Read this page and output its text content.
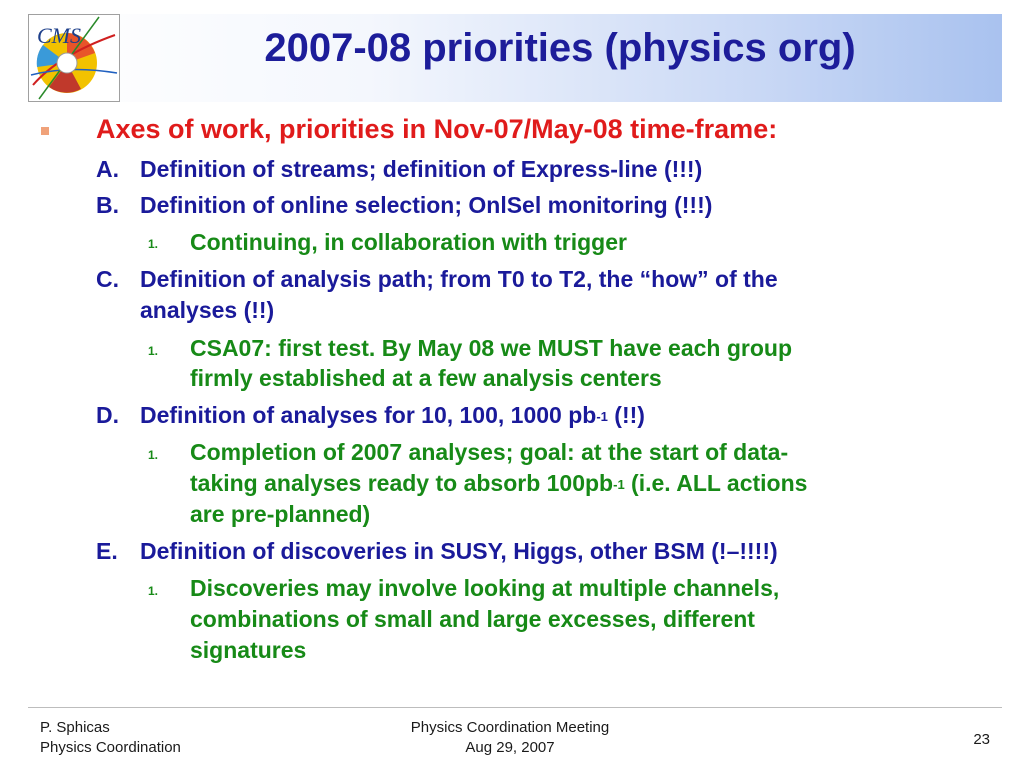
CMS	2007-08 priorities (physics org)
Axes of work, priorities in Nov-07/May-08 time-frame:
A. Definition of streams; definition of Express-line (!!!)
B. Definition of online selection; OnlSel monitoring (!!!)
1. Continuing, in collaboration with trigger
C. Definition of analysis path; from T0 to T2, the “how” of the
analyses (!!)
1. CSA07: first test. By May 08 we MUST have each group
firmly established at a few analysis centers
D. Definition of analyses for 10, 100, 1000 $pb^{-1}$ (!!)
1. Completion of 2007 analyses; goal: at the start of data-
taking analyses ready to absorb $100pb^{-1}$ (i.e. ALL actions
are pre-planned)
E. Definition of discoveries in SUSY, Higgs, other BSM (!–!!!!)
1. Discoveries may involve looking at multiple channels,
combinations of small and large excesses, different
signatures
P. Sphicas
Physics Coordination
Physics Coordination Meeting
Aug 29, 2007	23
